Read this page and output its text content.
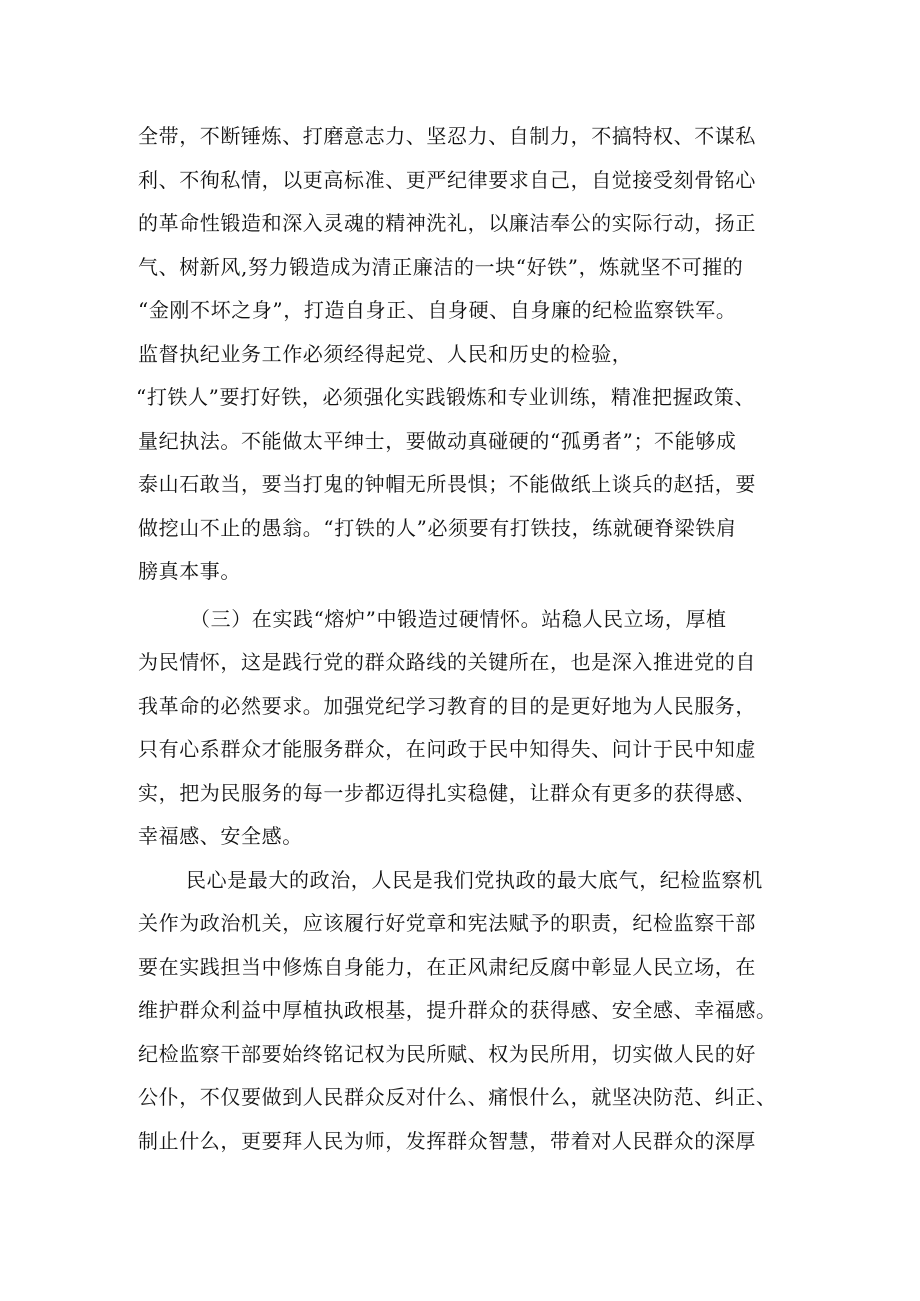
全带，不断锤炼、打磨意志力、坚忍力、自制力，不搞特权、不谋私
利、不徇私情，以更高标准、更严纪律要求自己，自觉接受刻骨铭心
的革命性锻造和深入灵魂的精神洗礼，以廉洁奉公的实际行动，扬正
气、树新风,努力锻造成为清正廉洁的一块“好铁”，炼就坚不可摧的
“金刚不坏之身”，打造自身正、自身硬、自身廉的纪检监察铁军。
监督执纪业务工作必须经得起党、人民和历史的检验，
“打铁人”要打好铁，必须强化实践锻炼和专业训练，精准把握政策、
量纪执法。不能做太平绅士，要做动真碰硬的“孤勇者”；不能够成
泰山石敢当，要当打鬼的钟帽无所畏惧；不能做纸上谈兵的赵括，要
做挖山不止的愚翁。“打铁的人”必须要有打铁技，练就硬脊梁铁肩
膀真本事。
（三）在实践“熔炉”中锻造过硬情怀。站稳人民立场，厚植
为民情怀，这是践行党的群众路线的关键所在，也是深入推进党的自
我革命的必然要求。加强党纪学习教育的目的是更好地为人民服务，
只有心系群众才能服务群众，在问政于民中知得失、问计于民中知虚
实，把为民服务的每一步都迈得扎实稳健，让群众有更多的获得感、
幸福感、安全感。
民心是最大的政治，人民是我们党执政的最大底气，纪检监察机
关作为政治机关，应该履行好党章和宪法赋予的职责，纪检监察干部
要在实践担当中修炼自身能力，在正风肃纪反腐中彰显人民立场，在
维护群众利益中厚植执政根基，提升群众的获得感、安全感、幸福感。
纪检监察干部要始终铭记权为民所赋、权为民所用，切实做人民的好
公仆，不仅要做到人民群众反对什么、痛恨什么，就坚决防范、纠正、
制止什么，更要拜人民为师，发挥群众智慧，带着对人民群众的深厚
